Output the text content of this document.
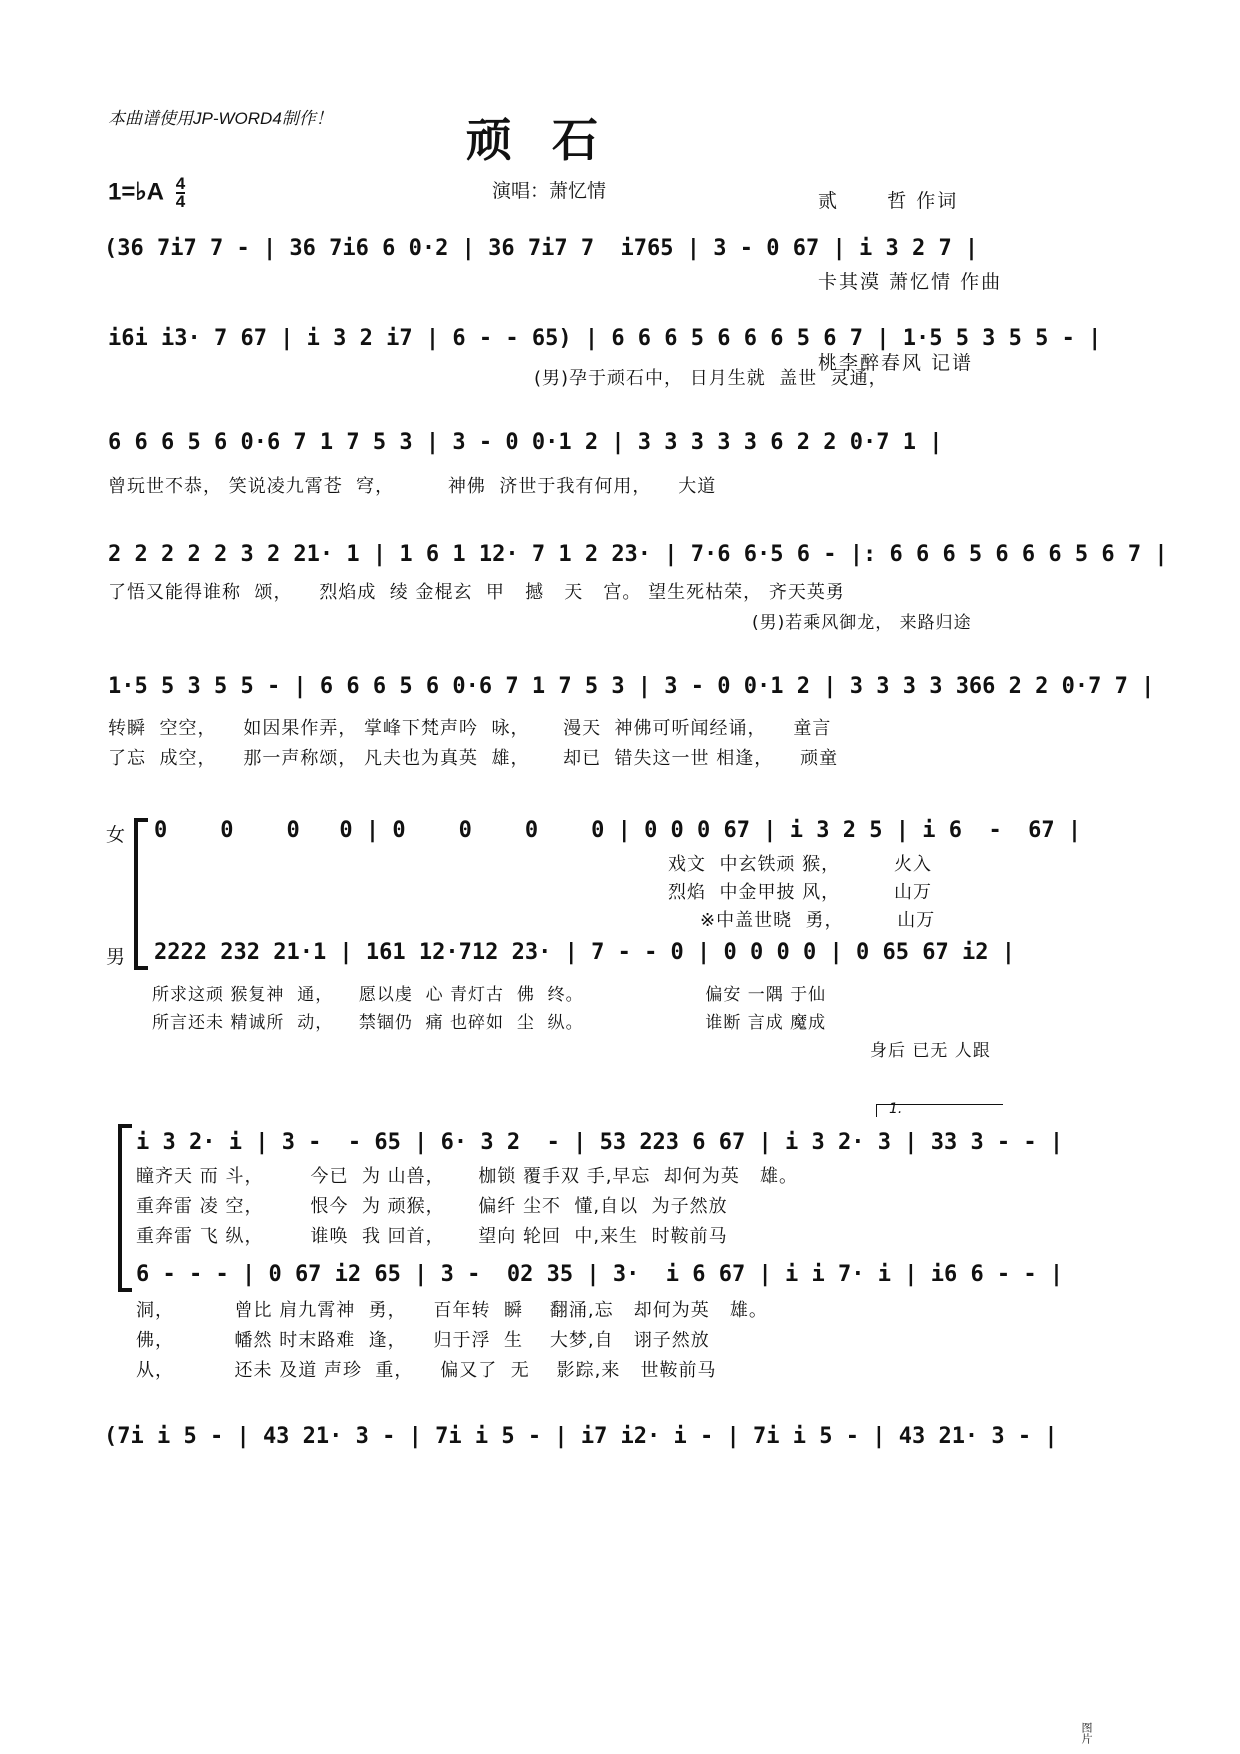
本曲谱使用JP-WORD4制作！	顽石
演唱：萧忆情

	贰      哲 作词

卡其漠 萧忆情 作曲

桃李醉春风 记谱

1=♭A $\frac{4}{4}$
(36 7i7 7 - | 36 7i6 6 0·2 | 36 7i7 7  i765 | 3 - 0 67 | i 3 2 7 |
i6i i3· 7 67 | i 3 2 i7 | 6 - - 65) | 6 6 6 5 6 6 6 5 6 7 | 1·5 5 3 5 5 - |
(男)孕于顽石中， 日月生就  盖世  灵通，
6 6 6 5 6 0·6 7 1 7 5 3 | 3 - 0 0·1 2 | 3 3 3 3 3 6 2 2 0·7 1 |
曾玩世不恭， 笑说凌九霄苍  穹，        神佛  济世于我有何用，    大道
2 2 2 2 2 3 2 21· 1 | 1 6 1 12· 7 1 2 23· | 7·6 6·5 6 - |: 6 6 6 5 6 6 6 5 6 7 |
了悟又能得谁称  颂，    烈焰成  绫 金棍玄  甲   撼   天   宫。 望生死枯荣， 齐天英勇
(男)若乘风御龙， 来路归途
1·5 5 3 5 5 - | 6 6 6 5 6 0·6 7 1 7 5 3 | 3 - 0 0·1 2 | 3 3 3 3 366 2 2 0·7 7 |
转瞬  空空，    如因果作弄， 掌峰下梵声吟  咏，     漫天  神佛可听闻经诵，    童言
了忘  成空，    那一声称颂， 凡夫也为真英  雄，     却已  错失这一世 相逢，    顽童
女
男
0    0    0   0 | 0    0    0    0 | 0 0 0 67 | i 3 2 5 | i 6  -  67 |
戏文  中玄铁顽 猴，        火入
烈焰  中金甲披 风，        山万
※中盖世晓  勇，        山万
2222 232 21·1 | 161 12·712 23· | 7 - - 0 | 0 0 0 0 | 0 65 67 i2 |
所求这顽 猴复神  通，    愿以虔  心 青灯古  佛  终。                   偏安 一隅 于仙
所言还未 精诚所  动，    禁锢仍  痛 也碎如  尘  纵。                   谁断 言成 魔成
身后 已无 人跟
1.
i 3 2· i | 3 -  - 65 | 6· 3 2  - | 53 223 6 67 | i 3 2· 3 | 33 3 - - |
瞳齐天 而 斗，       今已  为 山兽，     枷锁 覆手双 手,早忘  却何为英   雄。
重奔雷 凌 空，       恨今  为 顽猴，     偏纤 尘不  懂,自以  为子然放
重奔雷 飞 纵，       谁唤  我 回首，     望向 轮回  中,来生  时鞍前马
6 - - - | 0 67 i2 65 | 3 -  02 35 | 3·  i 6 67 | i i 7· i | i6 6 - - |
洞，         曾比 肩九霄神  勇，    百年转  瞬    翻涌,忘   却何为英   雄。
佛，         幡然 时末路难  逢，    归于浮  生    大梦,自   诩子然放
从，         还未 及道 声珍  重，    偏又了  无    影踪,来   世鞍前马
(7i i 5 - | 43 21· 3 - | 7i i 5 - | i7 i2· i - | 7i i 5 - | 43 21· 3 - |
图片
